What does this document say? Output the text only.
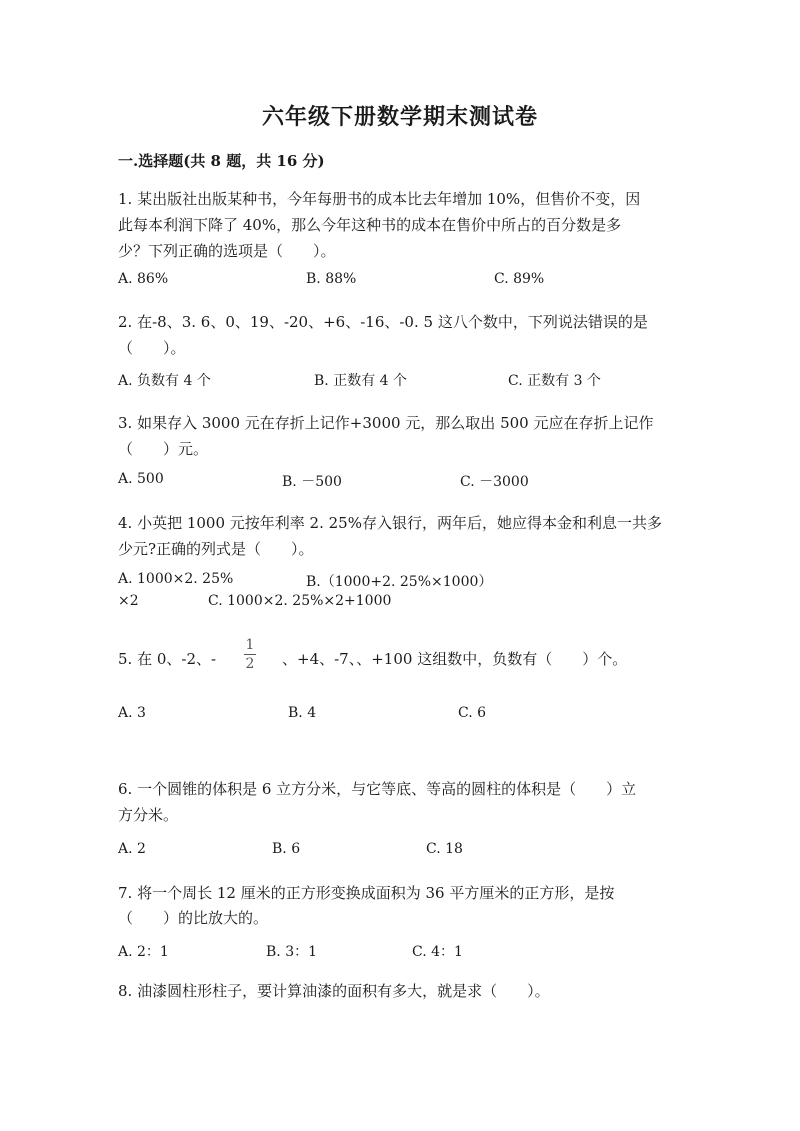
六年级下册数学期末测试卷
一.选择题(共 8 题，共 16 分)
1. 某出版社出版某种书，今年每册书的成本比去年增加 10%，但售价不变，因
此每本利润下降了 40%，那么今年这种书的成本在售价中所占的百分数是多
少？下列正确的选项是（　　）。
A. 86%	B. 88%	C. 89%
2. 在-8、3. 6、0、19、-20、+6、-16、-0. 5 这八个数中，下列说法错误的是
（　　）。
A. 负数有 4 个	B. 正数有 4 个	C. 正数有 3 个
3. 如果存入 3000 元在存折上记作+3000 元，那么取出 500 元应在存折上记作
（　　）元。
A. 500	B. －500	C. －3000
4. 小英把 1000 元按年利率 2. 25%存入银行，两年后，她应得本金和利息一共多
少元?正确的列式是（　　）。
A. 1000×2. 25%	B.（1000+2. 25%×1000）
×2	C. 1000×2. 25%×2+1000
5. 在 0、-2、-
1
2 、+4、-7、、+100 这组数中，负数有（　　）个。
A. 3	B. 4	C. 6
6. 一个圆锥的体积是 6 立方分米，与它等底、等高的圆柱的体积是（　　）立
方分米。
A. 2	B. 6	C. 18
7. 将一个周长 12 厘米的正方形变换成面积为 36 平方厘米的正方形，是按
（　　）的比放大的。
A. 2：1	B. 3：1	C. 4：1
8. 油漆圆柱形柱子，要计算油漆的面积有多大，就是求（　　）。
